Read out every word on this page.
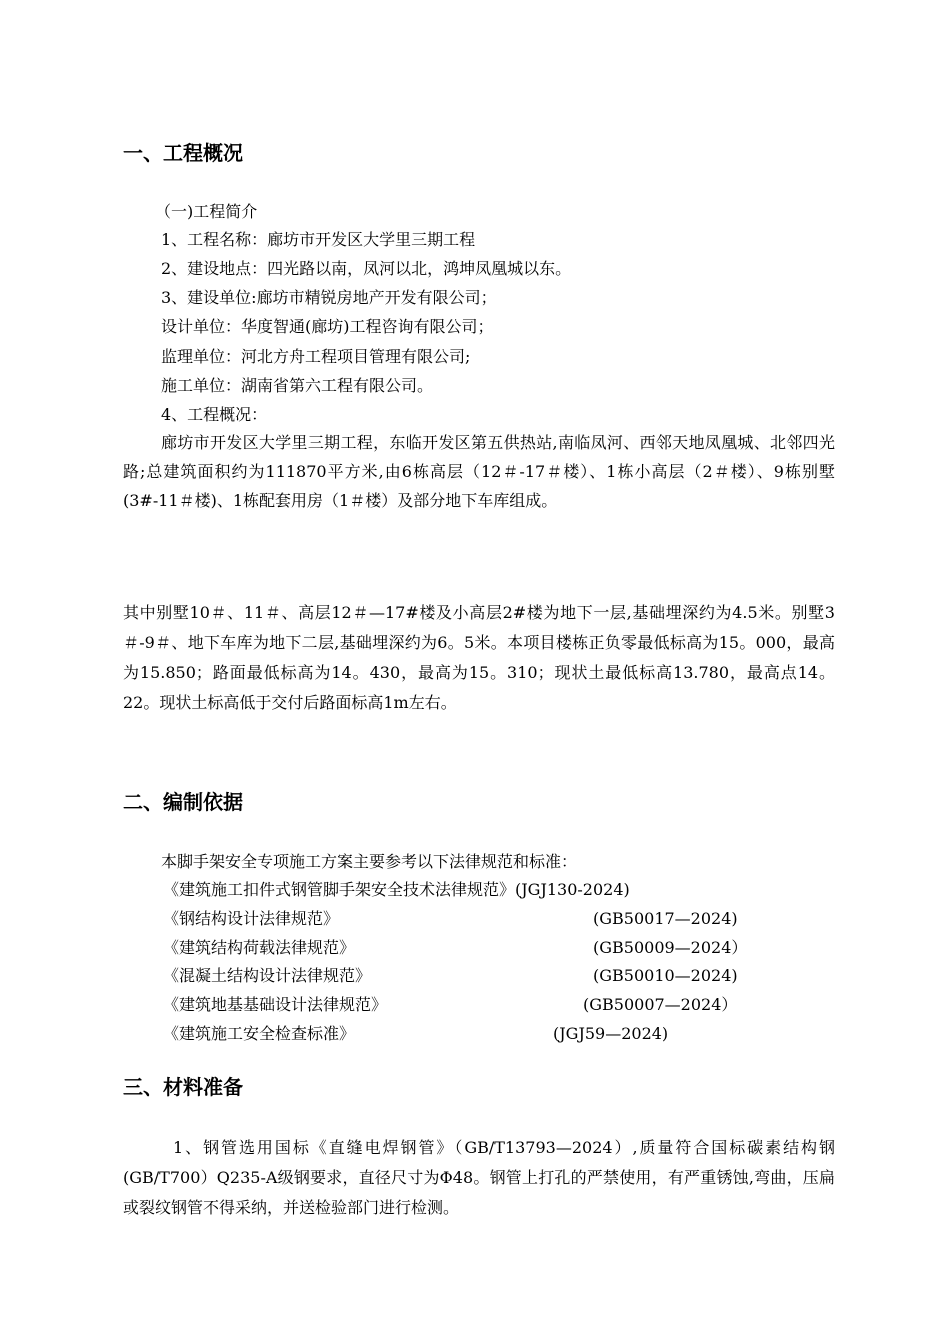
一、工程概况
（一)工程简介
1、工程名称：廊坊市开发区大学里三期工程
2、建设地点：四光路以南，凤河以北，鸿坤凤凰城以东。
3、建设单位:廊坊市精锐房地产开发有限公司；
设计单位：华度智通(廊坊)工程咨询有限公司；
监理单位：河北方舟工程项目管理有限公司;
施工单位：湖南省第六工程有限公司。
4、工程概况：
廊坊市开发区大学里三期工程，东临开发区第五供热站,南临凤河、西邻天地凤凰城、北邻四光路;总建筑面积约为111870平方米,由6栋高层（12＃-17＃楼）、1栋小高层（2＃楼）、9栋别墅(3#-11＃楼)、1栋配套用房（1＃楼）及部分地下车库组成。
其中别墅10＃、11＃、高层12＃—17#楼及小高层2#楼为地下一层,基础埋深约为4.5米。别墅3＃-9＃、地下车库为地下二层,基础埋深约为6。5米。本项目楼栋正负零最低标高为15。000，最高为15.850；路面最低标高为14。430，最高为15。310；现状土最低标高13.780，最高点14。22。现状土标高低于交付后路面标高1m左右。
二、编制依据
本脚手架安全专项施工方案主要参考以下法律规范和标准：
《建筑施工扣件式钢管脚手架安全技术法律规范》(JGJ130-2024)
《钢结构设计法律规范》	(GB50017—2024)
《建筑结构荷载法律规范》	(GB50009—2024）
《混凝土结构设计法律规范》	(GB50010—2024)
《建筑地基基础设计法律规范》	(GB50007—2024）
《建筑施工安全检查标准》	(JGJ59—2024)
三、材料准备
1、钢管选用国标《直缝电焊钢管》（GB/T13793—2024）,质量符合国标碳素结构钢(GB/T700）Q235-A级钢要求，直径尺寸为Φ48。钢管上打孔的严禁使用，有严重锈蚀,弯曲，压扁或裂纹钢管不得采纳，并送检验部门进行检测。
